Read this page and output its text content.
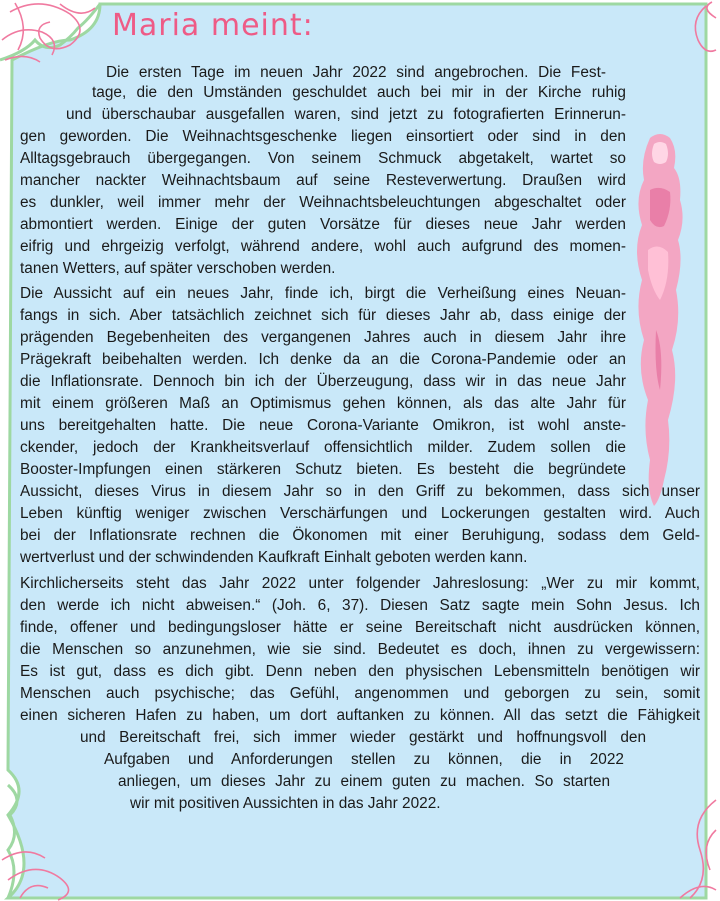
Maria meint:
Die ersten Tage im neuen Jahr 2022 sind angebrochen. Die Fest-
tage, die den Umständen geschuldet auch bei mir in der Kirche ruhig
und überschaubar ausgefallen waren, sind jetzt zu fotografierten Erinnerun-
gen geworden. Die Weihnachtsgeschenke liegen einsortiert oder sind in den
Alltagsgebrauch übergegangen. Von seinem Schmuck abgetakelt, wartet so
mancher nackter Weihnachtsbaum auf seine Resteverwertung. Draußen wird
es dunkler, weil immer mehr der Weihnachtsbeleuchtungen abgeschaltet oder
abmontiert werden. Einige der guten Vorsätze für dieses neue Jahr werden
eifrig und ehrgeizig verfolgt, während andere, wohl auch aufgrund des momen-
tanen Wetters, auf später verschoben werden.
Die Aussicht auf ein neues Jahr, finde ich, birgt die Verheißung eines Neuan-
fangs in sich. Aber tatsächlich zeichnet sich für dieses Jahr ab, dass einige der
prägenden Begebenheiten des vergangenen Jahres auch in diesem Jahr ihre
Prägekraft beibehalten werden. Ich denke da an die Corona-Pandemie oder an
die Inflationsrate. Dennoch bin ich der Überzeugung, dass wir in das neue Jahr
mit einem größeren Maß an Optimismus gehen können, als das alte Jahr für
uns bereitgehalten hatte. Die neue Corona-Variante Omikron, ist wohl anste-
ckender, jedoch der Krankheitsverlauf offensichtlich milder. Zudem sollen die
Booster-Impfungen einen stärkeren Schutz bieten. Es besteht die begründete
Aussicht, dieses Virus in diesem Jahr so in den Griff zu bekommen, dass sich unser
Leben künftig weniger zwischen Verschärfungen und Lockerungen gestalten wird. Auch
bei der Inflationsrate rechnen die Ökonomen mit einer Beruhigung, sodass dem Geld-
wertverlust und der schwindenden Kaufkraft Einhalt geboten werden kann.
Kirchlicherseits steht das Jahr 2022 unter folgender Jahreslosung: „Wer zu mir kommt,
den werde ich nicht abweisen.“ (Joh. 6, 37). Diesen Satz sagte mein Sohn Jesus. Ich
finde, offener und bedingungsloser hätte er seine Bereitschaft nicht ausdrücken können,
die Menschen so anzunehmen, wie sie sind. Bedeutet es doch, ihnen zu vergewissern:
Es ist gut, dass es dich gibt. Denn neben den physischen Lebensmitteln benötigen wir
Menschen auch psychische; das Gefühl, angenommen und geborgen zu sein, somit
einen sicheren Hafen zu haben, um dort auftanken zu können. All das setzt die Fähigkeit
und Bereitschaft frei, sich immer wieder gestärkt und hoffnungsvoll den
Aufgaben und Anforderungen stellen zu können, die in 2022
anliegen, um dieses Jahr zu einem guten zu machen. So starten
wir mit positiven Aussichten in das Jahr 2022.
